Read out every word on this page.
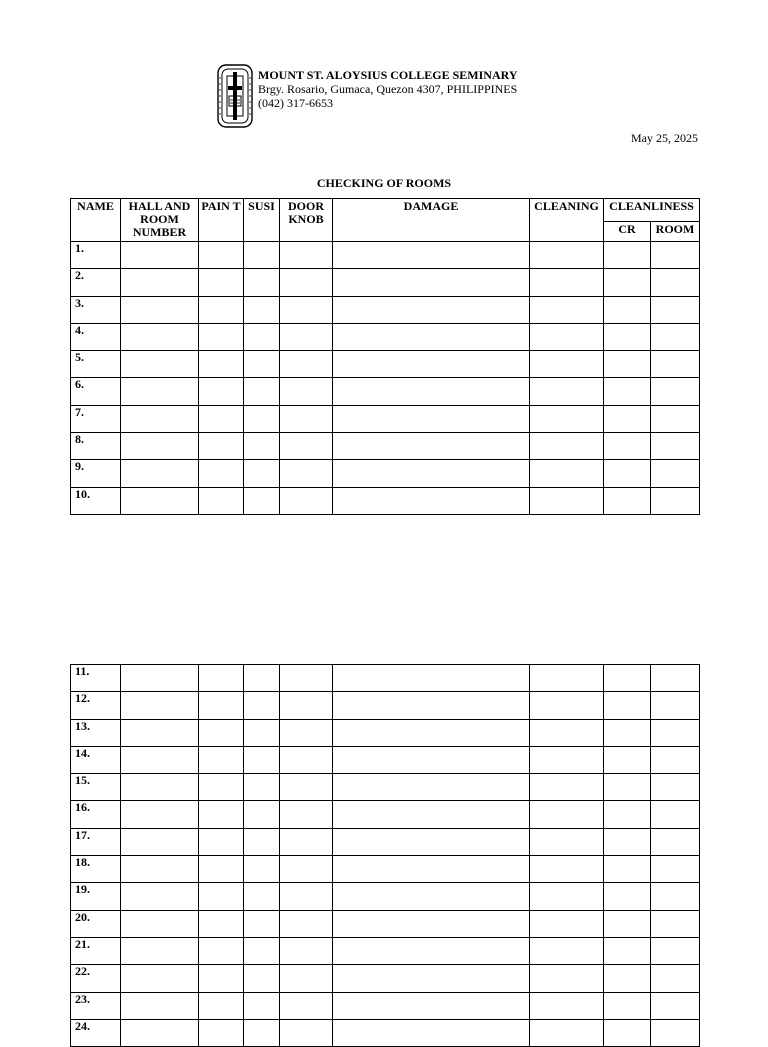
MOUNT ST. ALOYSIUS COLLEGE SEMINARY
Brgy. Rosario, Gumaca, Quezon 4307, PHILIPPINES
(042) 317-6653
May 25, 2025
CHECKING OF ROOMS
NAME	HALL AND ROOM NUMBER	PAIN T	SUSI	DOOR KNOB	DAMAGE	CLEANING	CLEANLINESS	
							CR	ROOM
1.								
2.								
3.								
4.								
5.								
6.								
7.								
8.								
9.								
10.								
11.								
12.								
13.								
14.								
15.								
16.								
17.								
18.								
19.								
20.								
21.								
22.								
23.								
24.								
